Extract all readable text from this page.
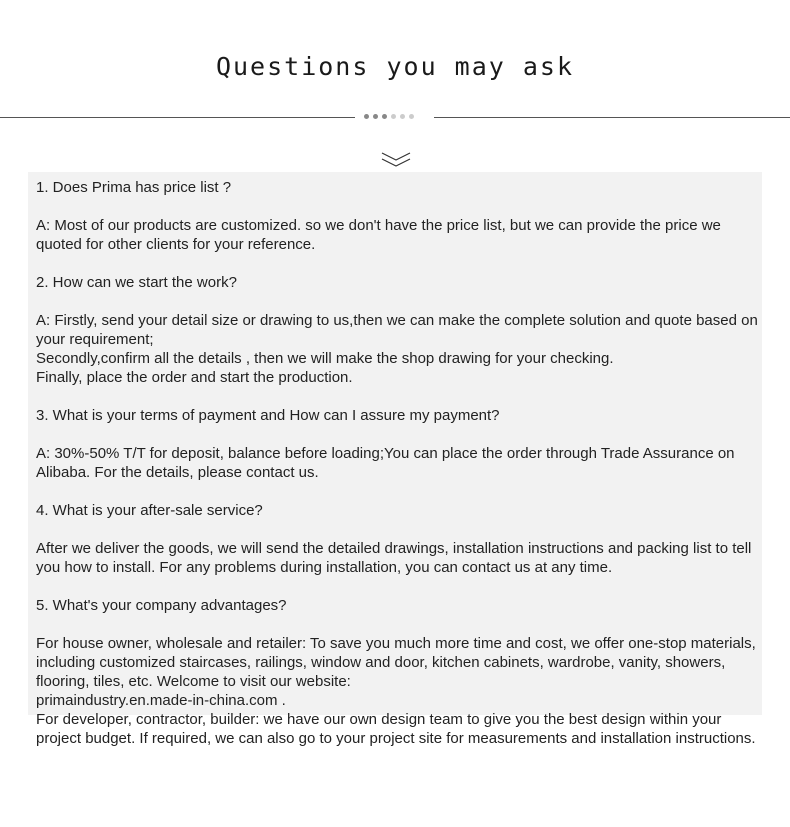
Questions you may ask

1. Does Prima has price list ?

A: Most of our products are customized. so we don't have the price list, but we can provide the price we quoted for other clients for your reference.

2. How can we start the work?

A: Firstly, send your detail size or drawing to us,then we can make the complete solution and quote based on your requirement;

Secondly,confirm all the details , then we will make the shop drawing for your checking.

Finally, place the order and start the production.

3. What is your terms of payment and How can I assure my payment?

A: 30%-50% T/T for deposit, balance before loading;You can place the order through Trade Assurance on Alibaba. For the details, please contact us.

4. What is your after-sale service?

After we deliver the goods, we will send the detailed drawings, installation instructions and packing list to tell you how to install. For any problems during installation, you can contact us at any time.

5. What's your company advantages?

For house owner, wholesale and retailer: To save you much more time and cost, we offer one-stop materials, including customized staircases, railings, window and door, kitchen cabinets, wardrobe, vanity, showers, flooring, tiles, etc. Welcome to visit our website:

primaindustry.en.made-in-china.com .

For developer, contractor, builder: we have our own design team to give you the best design within your project budget. If required, we can also go to your project site for measurements and installation instructions.
